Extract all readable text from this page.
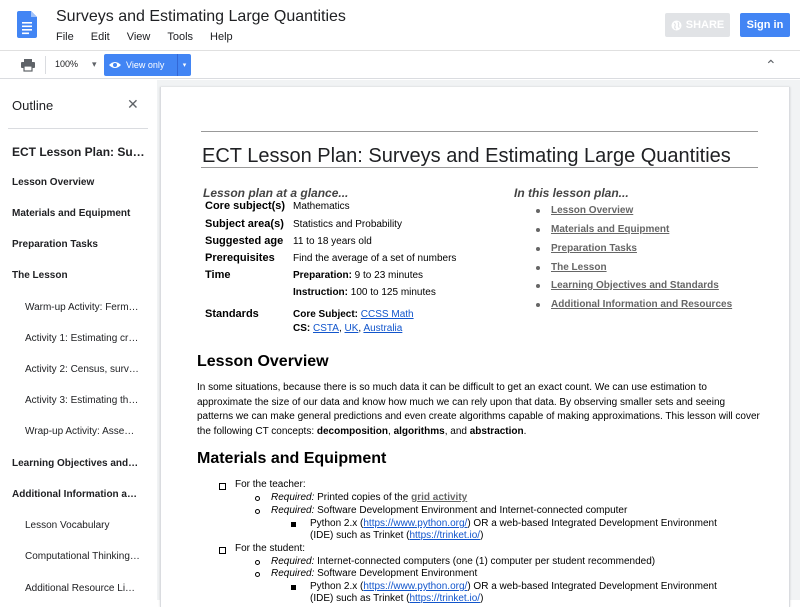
Surveys and Estimating Large Quantities
File Edit View Tools Help
SHARE	Sign in
100% ▾	View only	▾	⌃
Outline	✕
ECT Lesson Plan: Su…
Lesson Overview
Materials and Equipment
Preparation Tasks
The Lesson
Warm-up Activity: Ferm…
Activity 1: Estimating cr…
Activity 2: Census, surv…
Activity 3: Estimating th…
Wrap-up Activity: Asse…
Learning Objectives and…
Additional Information a…
Lesson Vocabulary
Computational Thinking…
Additional Resource Li…
ECT Lesson Plan: Surveys and Estimating Large Quantities
Lesson plan at a glance...	In this lesson plan...
Core subject(s) Mathematics
Subject area(s) Statistics and Probability
Suggested age 11 to 18 years old
Prerequisites Find the average of a set of numbers
Time	Preparation: 9 to 23 minutes
Instruction: 100 to 125 minutes
Standards	Core Subject: CCSS Math
CS: CSTA, UK, Australia
Lesson Overview
Materials and Equipment
Preparation Tasks
The Lesson
Learning Objectives and Standards
Additional Information and Resources
Lesson Overview
In some situations, because there is so much data it can be difficult to get an exact count. We can use estimation to approximate the size of our data and know how much we can rely upon that data. By observing smaller sets and seeing patterns we can make general predictions and even create algorithms capable of making approximations. This lesson will cover the following CT concepts: decomposition, algorithms, and abstraction.
Materials and Equipment
For the teacher:
Required: Printed copies of the grid activity
Required: Software Development Environment and Internet-connected computer
Python 2.x (https://www.python.org/) OR a web-based Integrated Development Environment
(IDE) such as Trinket (https://trinket.io/)
For the student:
Required: Internet-connected computers (one (1) computer per student recommended)
Required: Software Development Environment
Python 2.x (https://www.python.org/) OR a web-based Integrated Development Environment
(IDE) such as Trinket (https://trinket.io/)
